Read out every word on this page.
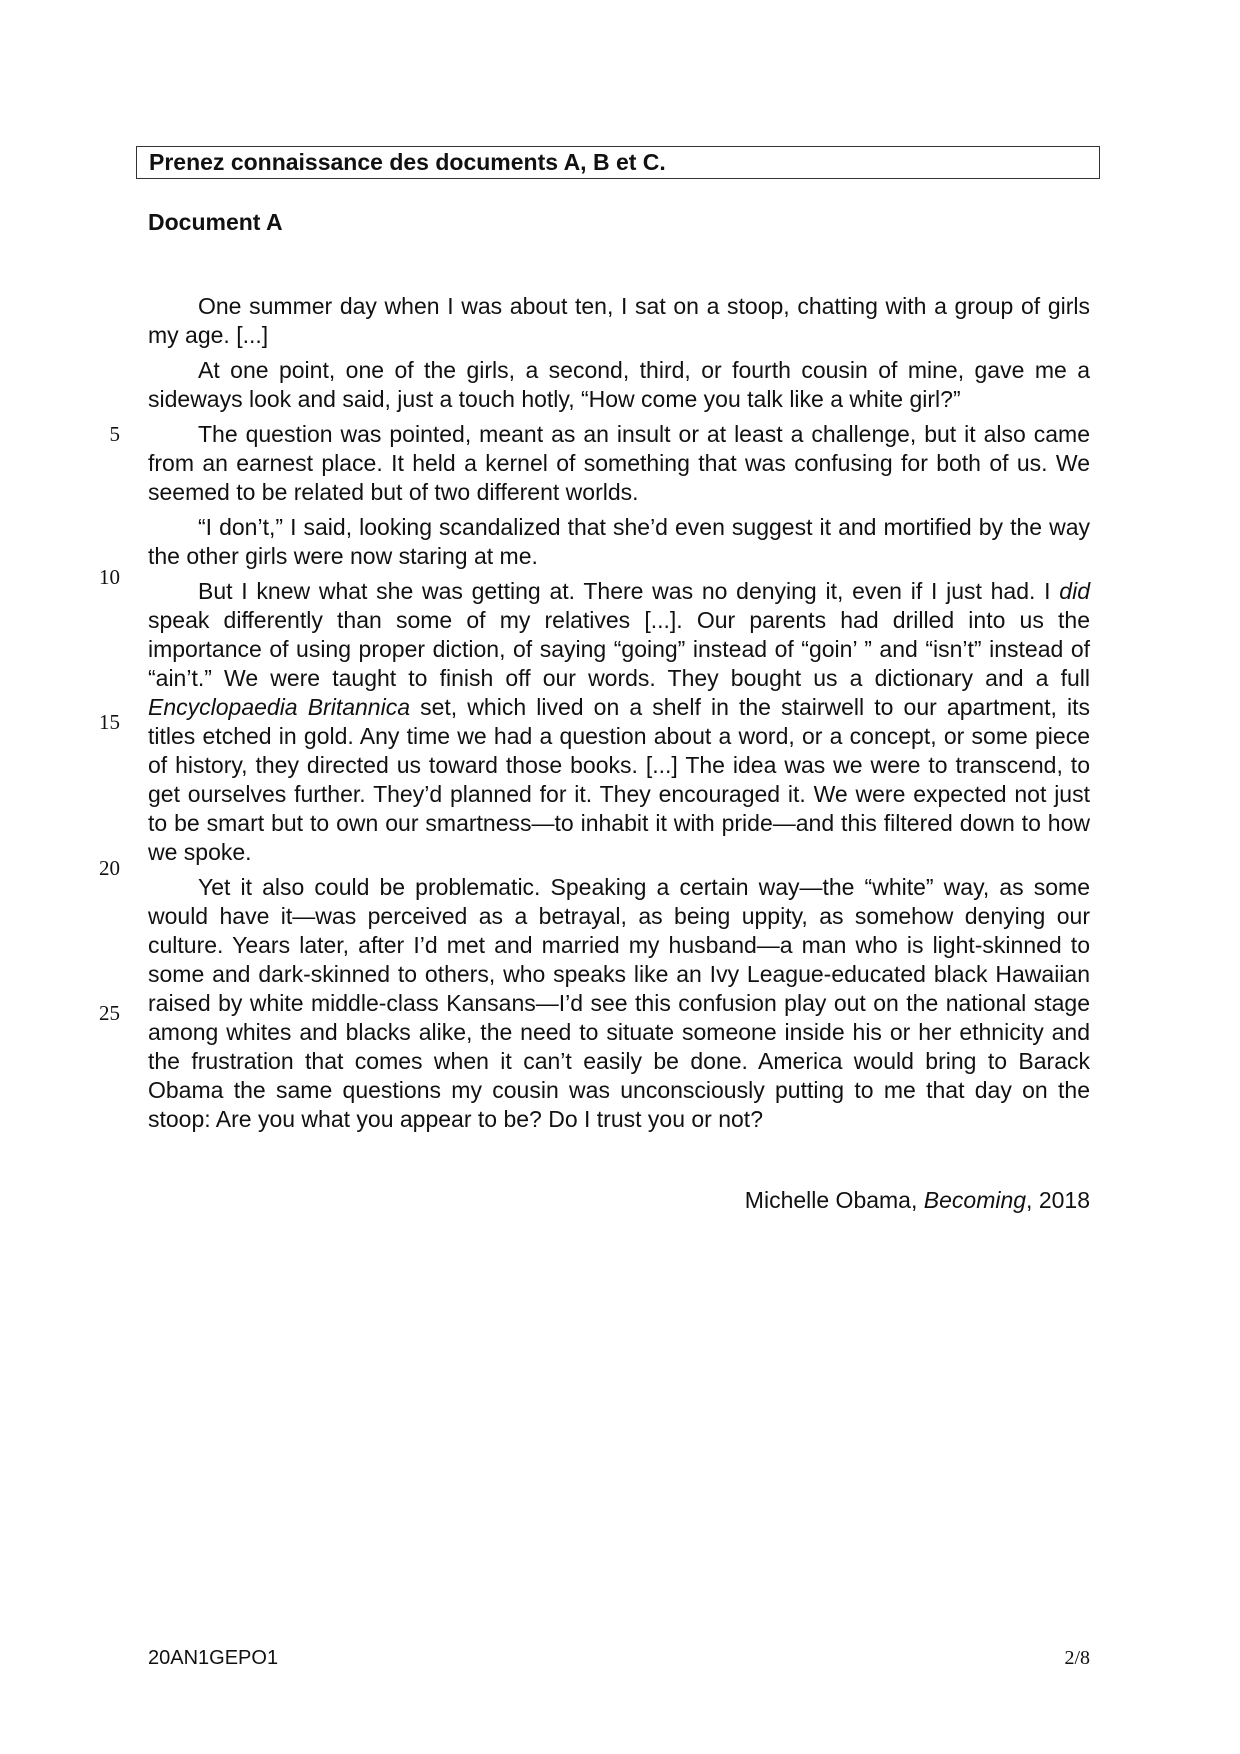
Prenez connaissance des documents A, B et C.
Document A
5
10
15
20
25

One summer day when I was about ten, I sat on a stoop, chatting with a group of girls my age. [...]

At one point, one of the girls, a second, third, or fourth cousin of mine, gave me a sideways look and said, just a touch hotly, “How come you talk like a white girl?”

The question was pointed, meant as an insult or at least a challenge, but it also came from an earnest place. It held a kernel of something that was confusing for both of us. We seemed to be related but of two different worlds.

“I don’t,” I said, looking scandalized that she’d even suggest it and mortified by the way the other girls were now staring at me.

But I knew what she was getting at. There was no denying it, even if I just had. I did speak differently than some of my relatives [...]. Our parents had drilled into us the importance of using proper diction, of saying “going” instead of “goin’ ” and “isn’t” instead of “ain’t.” We were taught to finish off our words. They bought us a dictionary and a full Encyclopaedia Britannica set, which lived on a shelf in the stairwell to our apartment, its titles etched in gold. Any time we had a question about a word, or a concept, or some piece of history, they directed us toward those books. [...] The idea was we were to transcend, to get ourselves further. They’d planned for it. They encouraged it. We were expected not just to be smart but to own our smartness—to inhabit it with pride—and this filtered down to how we spoke.

Yet it also could be problematic. Speaking a certain way—the “white” way, as some would have it—was perceived as a betrayal, as being uppity, as somehow denying our culture. Years later, after I’d met and married my husband—a man who is light-skinned to some and dark-skinned to others, who speaks like an Ivy League-educated black Hawaiian raised by white middle-class Kansans—I’d see this confusion play out on the national stage among whites and blacks alike, the need to situate someone inside his or her ethnicity and the frustration that comes when it can’t easily be done. America would bring to Barack Obama the same questions my cousin was unconsciously putting to me that day on the stoop: Are you what you appear to be? Do I trust you or not?

Michelle Obama, Becoming, 2018
20AN1GEPO1	2/8
